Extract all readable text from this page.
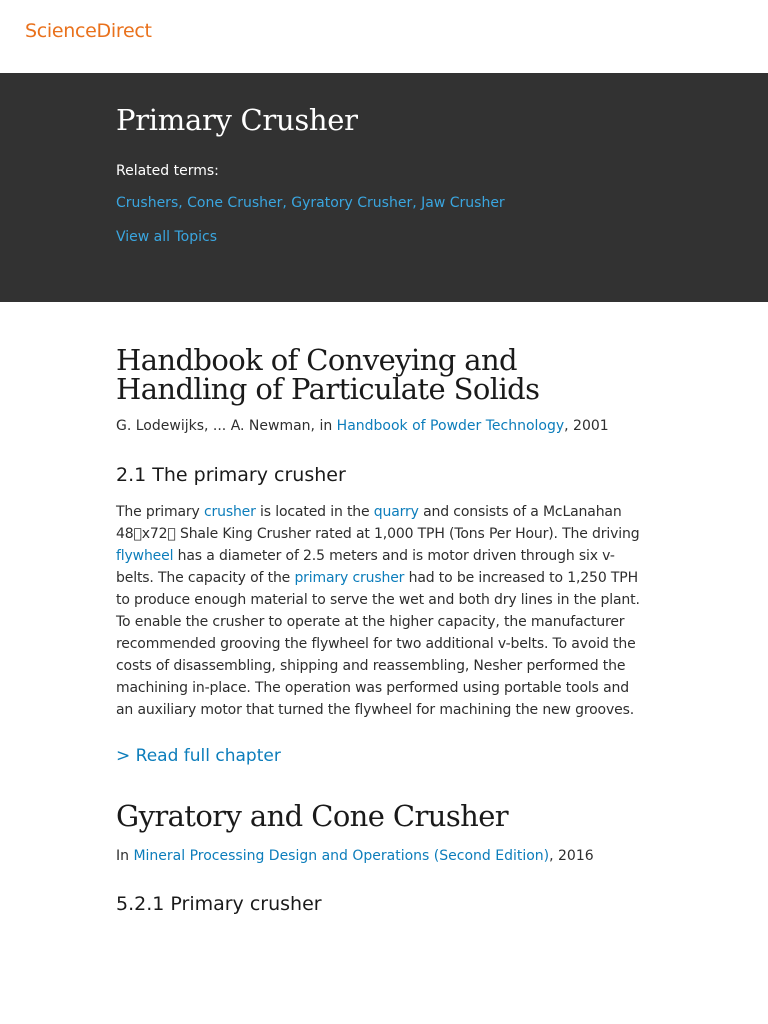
ScienceDirect
Primary Crusher
Related terms:
Crushers, Cone Crusher, Gyratory Crusher, Jaw Crusher
View all Topics
Handbook of Conveying and Handling of Particulate Solids
G. Lodewijks, ... A. Newman, in Handbook of Powder Technology, 2001
2.1 The primary crusher

The primary crusher is located in the quarry and consists of a McLanahan 48 x72  Shale King Crusher rated at 1,000 TPH (Tons Per Hour). The driving flywheel has a diameter of 2.5 meters and is motor driven through six v-belts. The capacity of the primary crusher had to be increased to 1,250 TPH to produce enough material to serve the wet and both dry lines in the plant. To enable the crusher to operate at the higher capacity, the manufacturer recommended grooving the flywheel for two additional v-belts. To avoid the costs of disassembling, shipping and reassembling, Nesher performed the machining in-place. The operation was performed using portable tools and an auxiliary motor that turned the flywheel for machining the new grooves.

> Read full chapter
Gyratory and Cone Crusher
In Mineral Processing Design and Operations (Second Edition), 2016
5.2.1 Primary crusher
